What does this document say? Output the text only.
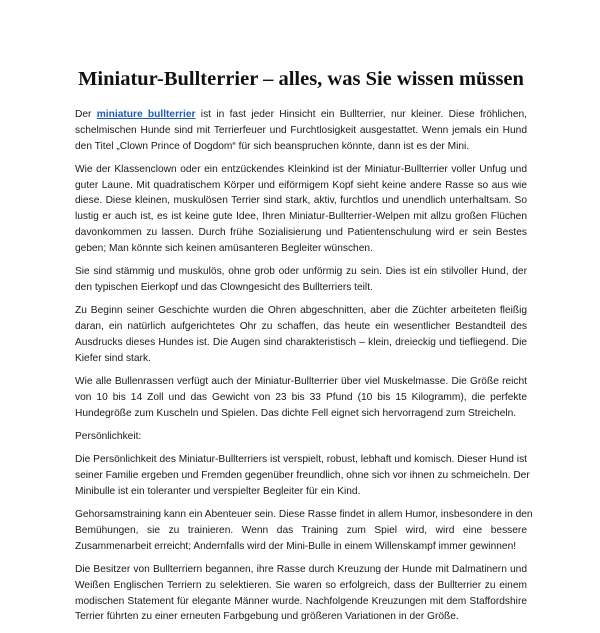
Miniatur-Bullterrier – alles, was Sie wissen müssen
Der miniature bullterrier ist in fast jeder Hinsicht ein Bullterrier, nur kleiner. Diese fröhlichen,
schelmischen Hunde sind mit Terrierfeuer und Furchtlosigkeit ausgestattet. Wenn jemals ein Hund
den Titel „Clown Prince of Dogdom“ für sich beanspruchen könnte, dann ist es der Mini.
Wie der Klassenclown oder ein entzückendes Kleinkind ist der Miniatur-Bullterrier voller Unfug und
guter Laune. Mit quadratischem Körper und eiförmigem Kopf sieht keine andere Rasse so aus wie
diese. Diese kleinen, muskulösen Terrier sind stark, aktiv, furchtlos und unendlich unterhaltsam. So
lustig er auch ist, es ist keine gute Idee, Ihren Miniatur-Bullterrier-Welpen mit allzu großen Flüchen
davonkommen zu lassen. Durch frühe Sozialisierung und Patientenschulung wird er sein Bestes
geben; Man könnte sich keinen amüsanteren Begleiter wünschen.
Sie sind stämmig und muskulös, ohne grob oder unförmig zu sein. Dies ist ein stilvoller Hund, der
den typischen Eierkopf und das Clowngesicht des Bullterriers teilt.
Zu Beginn seiner Geschichte wurden die Ohren abgeschnitten, aber die Züchter arbeiteten fleißig
daran, ein natürlich aufgerichtetes Ohr zu schaffen, das heute ein wesentlicher Bestandteil des
Ausdrucks dieses Hundes ist. Die Augen sind charakteristisch – klein, dreieckig und tiefliegend. Die
Kiefer sind stark.
Wie alle Bullenrassen verfügt auch der Miniatur-Bullterrier über viel Muskelmasse. Die Größe reicht
von 10 bis 14 Zoll und das Gewicht von 23 bis 33 Pfund (10 bis 15 Kilogramm), die perfekte
Hundegröße zum Kuscheln und Spielen. Das dichte Fell eignet sich hervorragend zum Streicheln.
Persönlichkeit:
Die Persönlichkeit des Miniatur-Bullterriers ist verspielt, robust, lebhaft und komisch. Dieser Hund ist
seiner Familie ergeben und Fremden gegenüber freundlich, ohne sich vor ihnen zu schmeicheln. Der
Minibulle ist ein toleranter und verspielter Begleiter für ein Kind.
Gehorsamstraining kann ein Abenteuer sein. Diese Rasse findet in allem Humor, insbesondere in den
Bemühungen, sie zu trainieren. Wenn das Training zum Spiel wird, wird eine bessere
Zusammenarbeit erreicht; Andernfalls wird der Mini-Bulle in einem Willenskampf immer gewinnen!
Die Besitzer von Bullterriern begannen, ihre Rasse durch Kreuzung der Hunde mit Dalmatinern und
Weißen Englischen Terriern zu selektieren. Sie waren so erfolgreich, dass der Bullterrier zu einem
modischen Statement für elegante Männer wurde. Nachfolgende Kreuzungen mit dem Staffordshire
Terrier führten zu einer erneuten Farbgebung und größeren Variationen in der Größe.
